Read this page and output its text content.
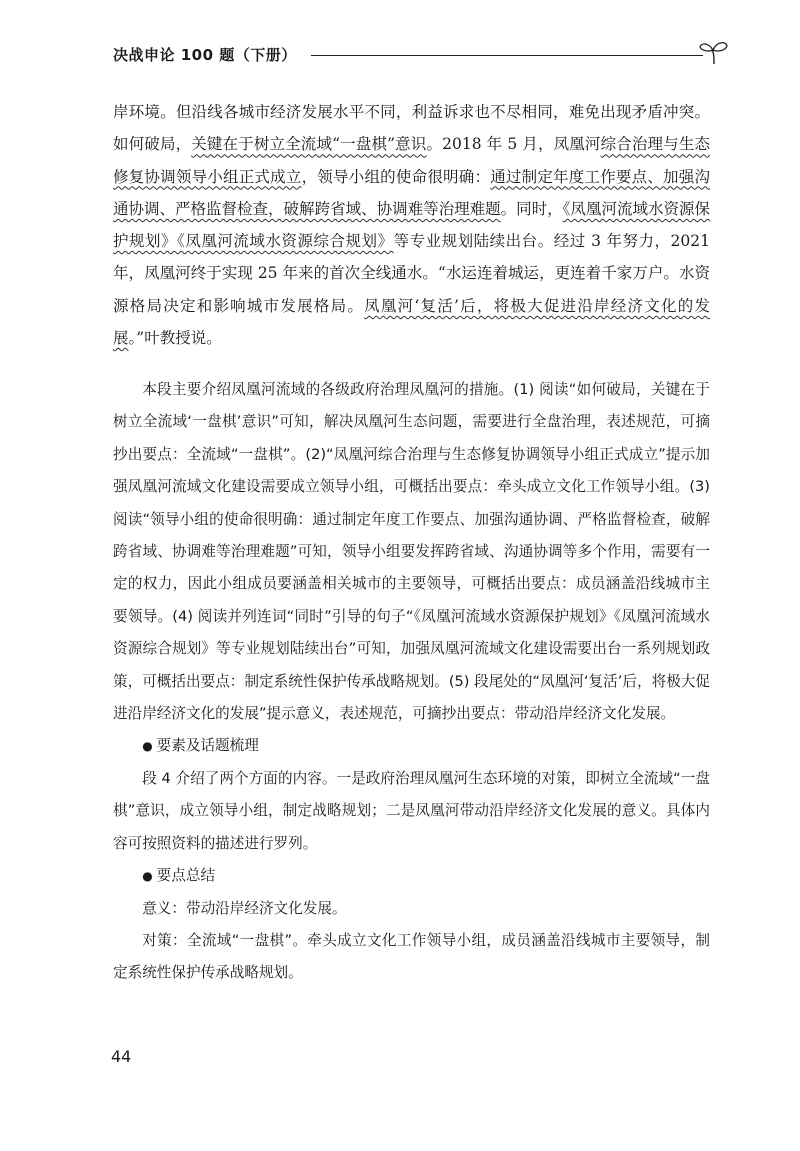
决战申论 100 题（下册）

岸环境。但沿线各城市经济发展水平不同，利益诉求也不尽相同，难免出现矛盾冲突。如何破局，关键在于树立全流域“一盘棋”意识。2018 年 5 月，凤凰河综合治理与生态修复协调领导小组正式成立，领导小组的使命很明确：通过制定年度工作要点、加强沟通协调、严格监督检查，破解跨省域、协调难等治理难题。同时，《凤凰河流域水资源保护规划》《凤凰河流域水资源综合规划》等专业规划陆续出台。经过 3 年努力，2021 年，凤凰河终于实现 25 年来的首次全线通水。“水运连着城运，更连着千家万户。水资源格局决定和影响城市发展格局。凤凰河‘复活’后，将极大促进沿岸经济文化的发展。”叶教授说。

本段主要介绍凤凰河流域的各级政府治理凤凰河的措施。(1) 阅读“如何破局，关键在于树立全流域‘一盘棋’意识”可知，解决凤凰河生态问题，需要进行全盘治理，表述规范，可摘抄出要点：全流域“一盘棋”。(2)“凤凰河综合治理与生态修复协调领导小组正式成立”提示加强凤凰河流域文化建设需要成立领导小组，可概括出要点：牵头成立文化工作领导小组。(3) 阅读“领导小组的使命很明确：通过制定年度工作要点、加强沟通协调、严格监督检查，破解跨省域、协调难等治理难题”可知，领导小组要发挥跨省域、沟通协调等多个作用，需要有一定的权力，因此小组成员要涵盖相关城市的主要领导，可概括出要点：成员涵盖沿线城市主要领导。(4) 阅读并列连词“同时”引导的句子“《凤凰河流域水资源保护规划》《凤凰河流域水资源综合规划》等专业规划陆续出台”可知，加强凤凰河流域文化建设需要出台一系列规划政策，可概括出要点：制定系统性保护传承战略规划。(5) 段尾处的“凤凰河‘复活’后，将极大促进沿岸经济文化的发展”提示意义，表述规范，可摘抄出要点：带动沿岸经济文化发展。

● 要素及话题梳理

段 4 介绍了两个方面的内容。一是政府治理凤凰河生态环境的对策，即树立全流域“一盘棋”意识，成立领导小组，制定战略规划；二是凤凰河带动沿岸经济文化发展的意义。具体内容可按照资料的描述进行罗列。

● 要点总结

意义：带动沿岸经济文化发展。

对策：全流域“一盘棋”。牵头成立文化工作领导小组，成员涵盖沿线城市主要领导，制定系统性保护传承战略规划。

44
